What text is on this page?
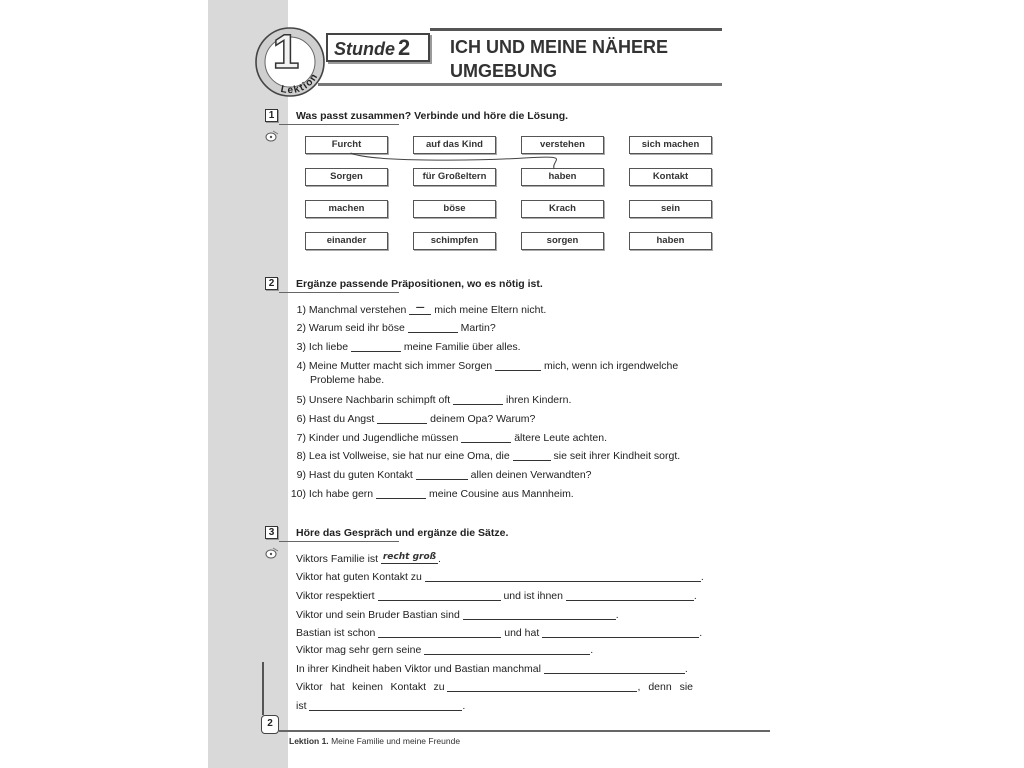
1
Lektion
Stunde 2	ICH UND MEINE NÄHERE
UMGEBUNG
1	Was passt zusammen? Verbinde und höre die Lösung.
Furcht	auf das Kind	verstehen	sich machen
Sorgen	für Großeltern	haben	Kontakt
machen	böse	Krach	sein
einander	schimpfen	sorgen	haben
2	Ergänze passende Präpositionen, wo es nötig ist.
1) Manchmal verstehen — mich meine Eltern nicht.
2) Warum seid ihr böse	Martin?
3) Ich liebe	meine Familie über alles.
4) Meine Mutter macht sich immer Sorgen	mich, wenn ich irgendwelche
Probleme habe.
5) Unsere Nachbarin schimpft oft	ihren Kindern.
6) Hast du Angst	deinem Opa? Warum?
7) Kinder und Jugendliche müssen	ältere Leute achten.
8) Lea ist Vollweise, sie hat nur eine Oma, die	sie seit ihrer Kindheit sorgt.
9) Hast du guten Kontakt	allen deinen Verwandten?
10) Ich habe gern	meine Cousine aus Mannheim.
3	Höre das Gespräch und ergänze die Sätze.
Viktors Familie ist recht groß .
Viktor hat guten Kontakt zu	.
Viktor respektiert	und ist ihnen	.
Viktor und sein Bruder Bastian sind	.
Bastian ist schon	und hat	.
Viktor mag sehr gern seine	.
In ihrer Kindheit haben Viktor und Bastian manchmal	.
Viktor hat keinen Kontakt zu	, denn sie
ist	.
2
Lektion 1. Meine Familie und meine Freunde
